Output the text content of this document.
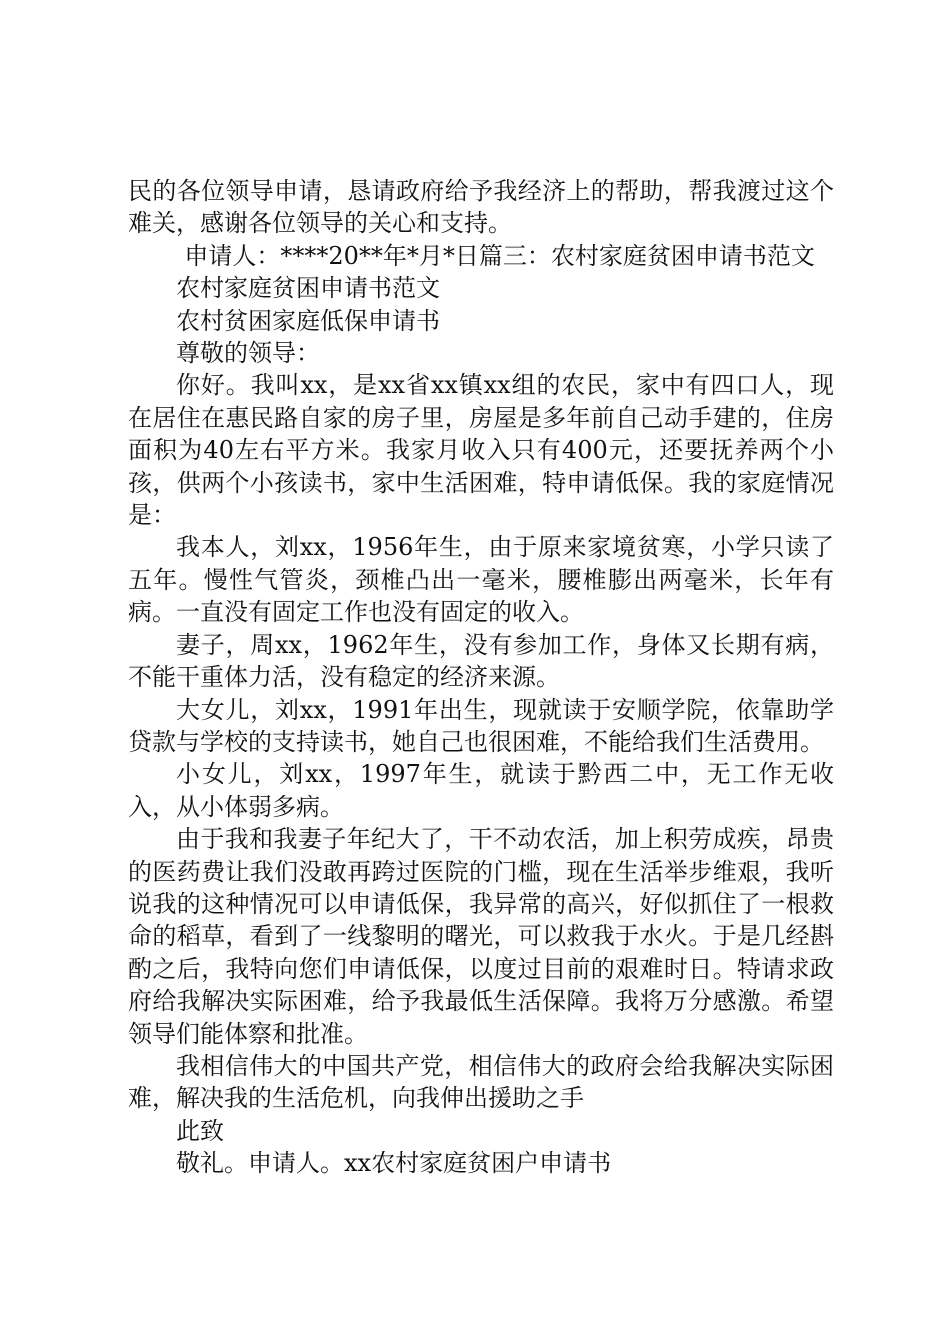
民的各位领导申请，恳请政府给予我经济上的帮助，帮我渡过这个难关，感谢各位领导的关心和支持。

申请人：****20**年*月*日篇三：农村家庭贫困申请书范文

农村家庭贫困申请书范文

农村贫困家庭低保申请书

尊敬的领导：

你好。我叫xx，是xx省xx镇xx组的农民，家中有四口人，现在居住在惠民路自家的房子里，房屋是多年前自己动手建的，住房面积为40左右平方米。我家月收入只有400元，还要抚养两个小孩，供两个小孩读书，家中生活困难，特申请低保。我的家庭情况是：

我本人，刘xx，1956年生，由于原来家境贫寒，小学只读了五年。慢性气管炎，颈椎凸出一毫米，腰椎膨出两毫米，长年有病。一直没有固定工作也没有固定的收入。

妻子，周xx，1962年生，没有参加工作，身体又长期有病，不能干重体力活，没有稳定的经济来源。

大女儿，刘xx，1991年出生，现就读于安顺学院，依靠助学贷款与学校的支持读书，她自己也很困难，不能给我们生活费用。

小女儿，刘xx，1997年生，就读于黔西二中，无工作无收入，从小体弱多病。

由于我和我妻子年纪大了，干不动农活，加上积劳成疾，昂贵的医药费让我们没敢再跨过医院的门槛，现在生活举步维艰，我听说我的这种情况可以申请低保，我异常的高兴，好似抓住了一根救命的稻草，看到了一线黎明的曙光，可以救我于水火。于是几经斟酌之后，我特向您们申请低保，以度过目前的艰难时日。特请求政府给我解决实际困难，给予我最低生活保障。我将万分感激。希望领导们能体察和批准。

我相信伟大的中国共产党，相信伟大的政府会给我解决实际困难，解决我的生活危机，向我伸出援助之手

此致

敬礼。申请人。xx农村家庭贫困户申请书
